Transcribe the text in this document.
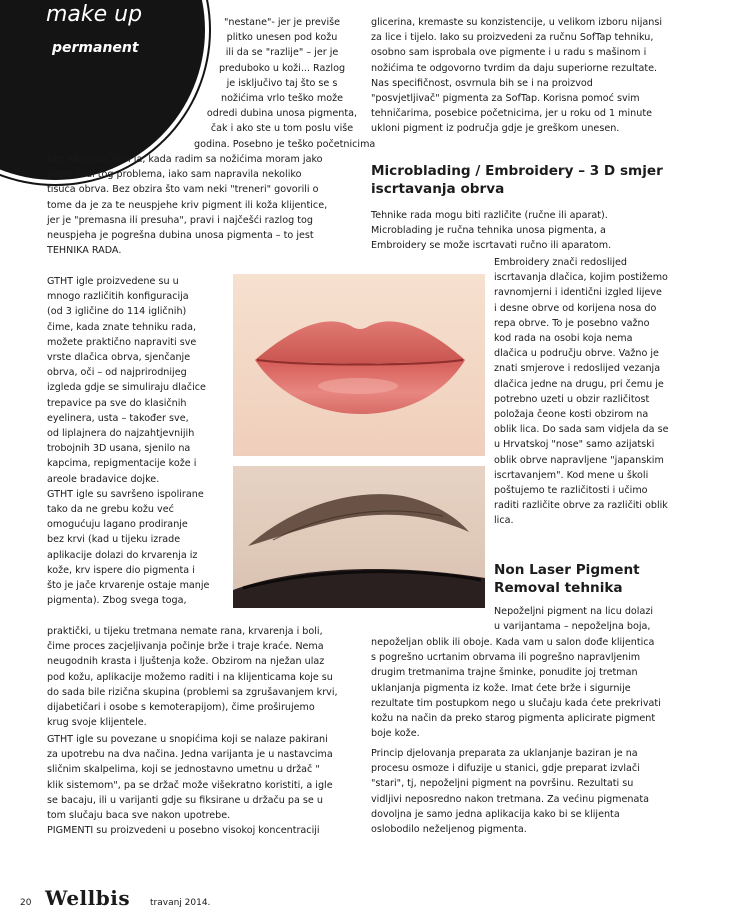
make up
permanent
"nestane"- jer je previše
plitko unesen pod kožu
ili da se "razlije" – jer je
preduboko u koži... Razlog
je isključivo taj što se s
nožićima vrlo teško može
odredi dubina unosa pigmenta,
čak i ako ste u tom poslu više
godina. Posebno je teško početnicima
bez iskustva, jer i ja, kada radim sa nožićima moram jako
paziti radi tog problema, iako sam napravila nekoliko
tisuća obrva. Bez obzira što vam neki "treneri" govorili o
tome da je za te neuspjehe kriv pigment ili koža klijentice,
jer je "premasna ili presuha", pravi i najčešći razlog tog
neuspjeha je pogrešna dubina unosa pigmenta – to jest
TEHNIKA RADA.
GTHT igle proizvedene su u
mnogo različitih konfiguracija
(od 3 igličine do 114 igličnih)
čime, kada znate tehniku rada,
možete praktično napraviti sve
vrste dlačica obrva, sjenčanje
obrva, oči – od najprirodnijeg
izgleda gdje se simuliraju dlačice
trepavice pa sve do klasičnih
eyelinera, usta – također sve,
od liplajnera do najzahtjevnijih
trobojnih 3D usana, sjenilo na
kapcima, repigmentacije kože i
areole bradavice dojke.
GTHT igle su savršeno ispolirane
tako da ne grebu kožu već
omogućuju lagano prodiranje
bez krvi (kad u tijeku izrade
aplikacije dolazi do krvarenja iz
kože, krv ispere dio pigmenta i
što je jače krvarenje ostaje manje
pigmenta). Zbog svega toga,
praktički, u tijeku tretmana nemate rana, krvarenja i boli,
čime proces zacjeljivanja počinje brže i traje kraće. Nema
neugodnih krasta i ljuštenja kože. Obzirom na nježan ulaz
pod kožu, aplikacije možemo raditi i na klijenticama koje su
do sada bile rizična skupina (problemi sa zgrušavanjem krvi,
dijabetičari i osobe s kemoterapijom), čime proširujemo
krug svoje klijentele.
GTHT igle su povezane u snopićima koji se nalaze pakirani
za upotrebu na dva načina. Jedna varijanta je u nastavcima
sličnim skalpelima, koji se jednostavno umetnu u držač "
klik sistemom", pa se držač može višekratno koristiti, a igle
se bacaju, ili u varijanti gdje su fiksirane u držaču pa se u
tom slučaju baca sve nakon upotrebe.
PIGMENTI su proizvedeni u posebno visokoj koncentraciji
glicerina, kremaste su konzistencije, u velikom izboru nijansi
za lice i tijelo. Iako su proizvedeni za ručnu SofTap tehniku,
osobno sam isprobala ove pigmente i u radu s mašinom i
nožićima te odgovorno tvrdim da daju superiorne rezultate.
Nas specifičnost, osvrnula bih se i na proizvod
"posvjetljivač" pigmenta za SofTap. Korisna pomoć svim
tehničarima, posebice početnicima, jer u roku od 1 minute
ukloni pigment iz područja gdje je greškom unesen.
Microblading / Embroidery – 3 D smjer
iscrtavanja obrva
Tehnike rada mogu biti različite (ručne ili aparat).
Microblading je ručna tehnika unosa pigmenta, a
Embroidery se može iscrtavati ručno ili aparatom.
Embroidery znači redoslijed
iscrtavanja dlačica, kojim postižemo
ravnomjerni i identični izgled lijeve
i desne obrve od korijena nosa do
repa obrve. To je posebno važno
kod rada na osobi koja nema
dlačica u području obrve. Važno je
znati smjerove i redoslijed vezanja
dlačica jedne na drugu, pri čemu je
potrebno uzeti u obzir različitost
položaja čeone kosti obzirom na
oblik lica. Do sada sam vidjela da se
u Hrvatskoj "nose" samo azijatski
oblik obrve napravljene "japanskim
iscrtavanjem". Kod mene u školi
poštujemo te različitosti i učimo
raditi različite obrve za različiti oblik
lica.
Non Laser Pigment
Removal tehnika
Nepoželjni pigment na licu dolazi
u varijantama – nepoželjna boja,
nepoželjan oblik ili oboje. Kada vam u salon dođe klijentica
s pogrešno ucrtanim obrvama ili pogrešno napravljenim
drugim tretmanima trajne šminke, ponudite joj tretman
uklanjanja pigmenta iz kože. Imat ćete brže i sigurnije
rezultate tim postupkom nego u slučaju kada ćete prekrivati
kožu na način da preko starog pigmenta aplicirate pigment
boje kože.
Princip djelovanja preparata za uklanjanje baziran je na
procesu osmoze i difuzije u stanici, gdje preparat izvlači
"stari", tj, nepoželjni pigment na površinu. Rezultati su
vidljivi neposredno nakon tretmana. Za većinu pigmenata
dovoljna je samo jedna aplikacija kako bi se klijenta
oslobodilo neželjenog pigmenta.
20 Wellbis travanj 2014.
